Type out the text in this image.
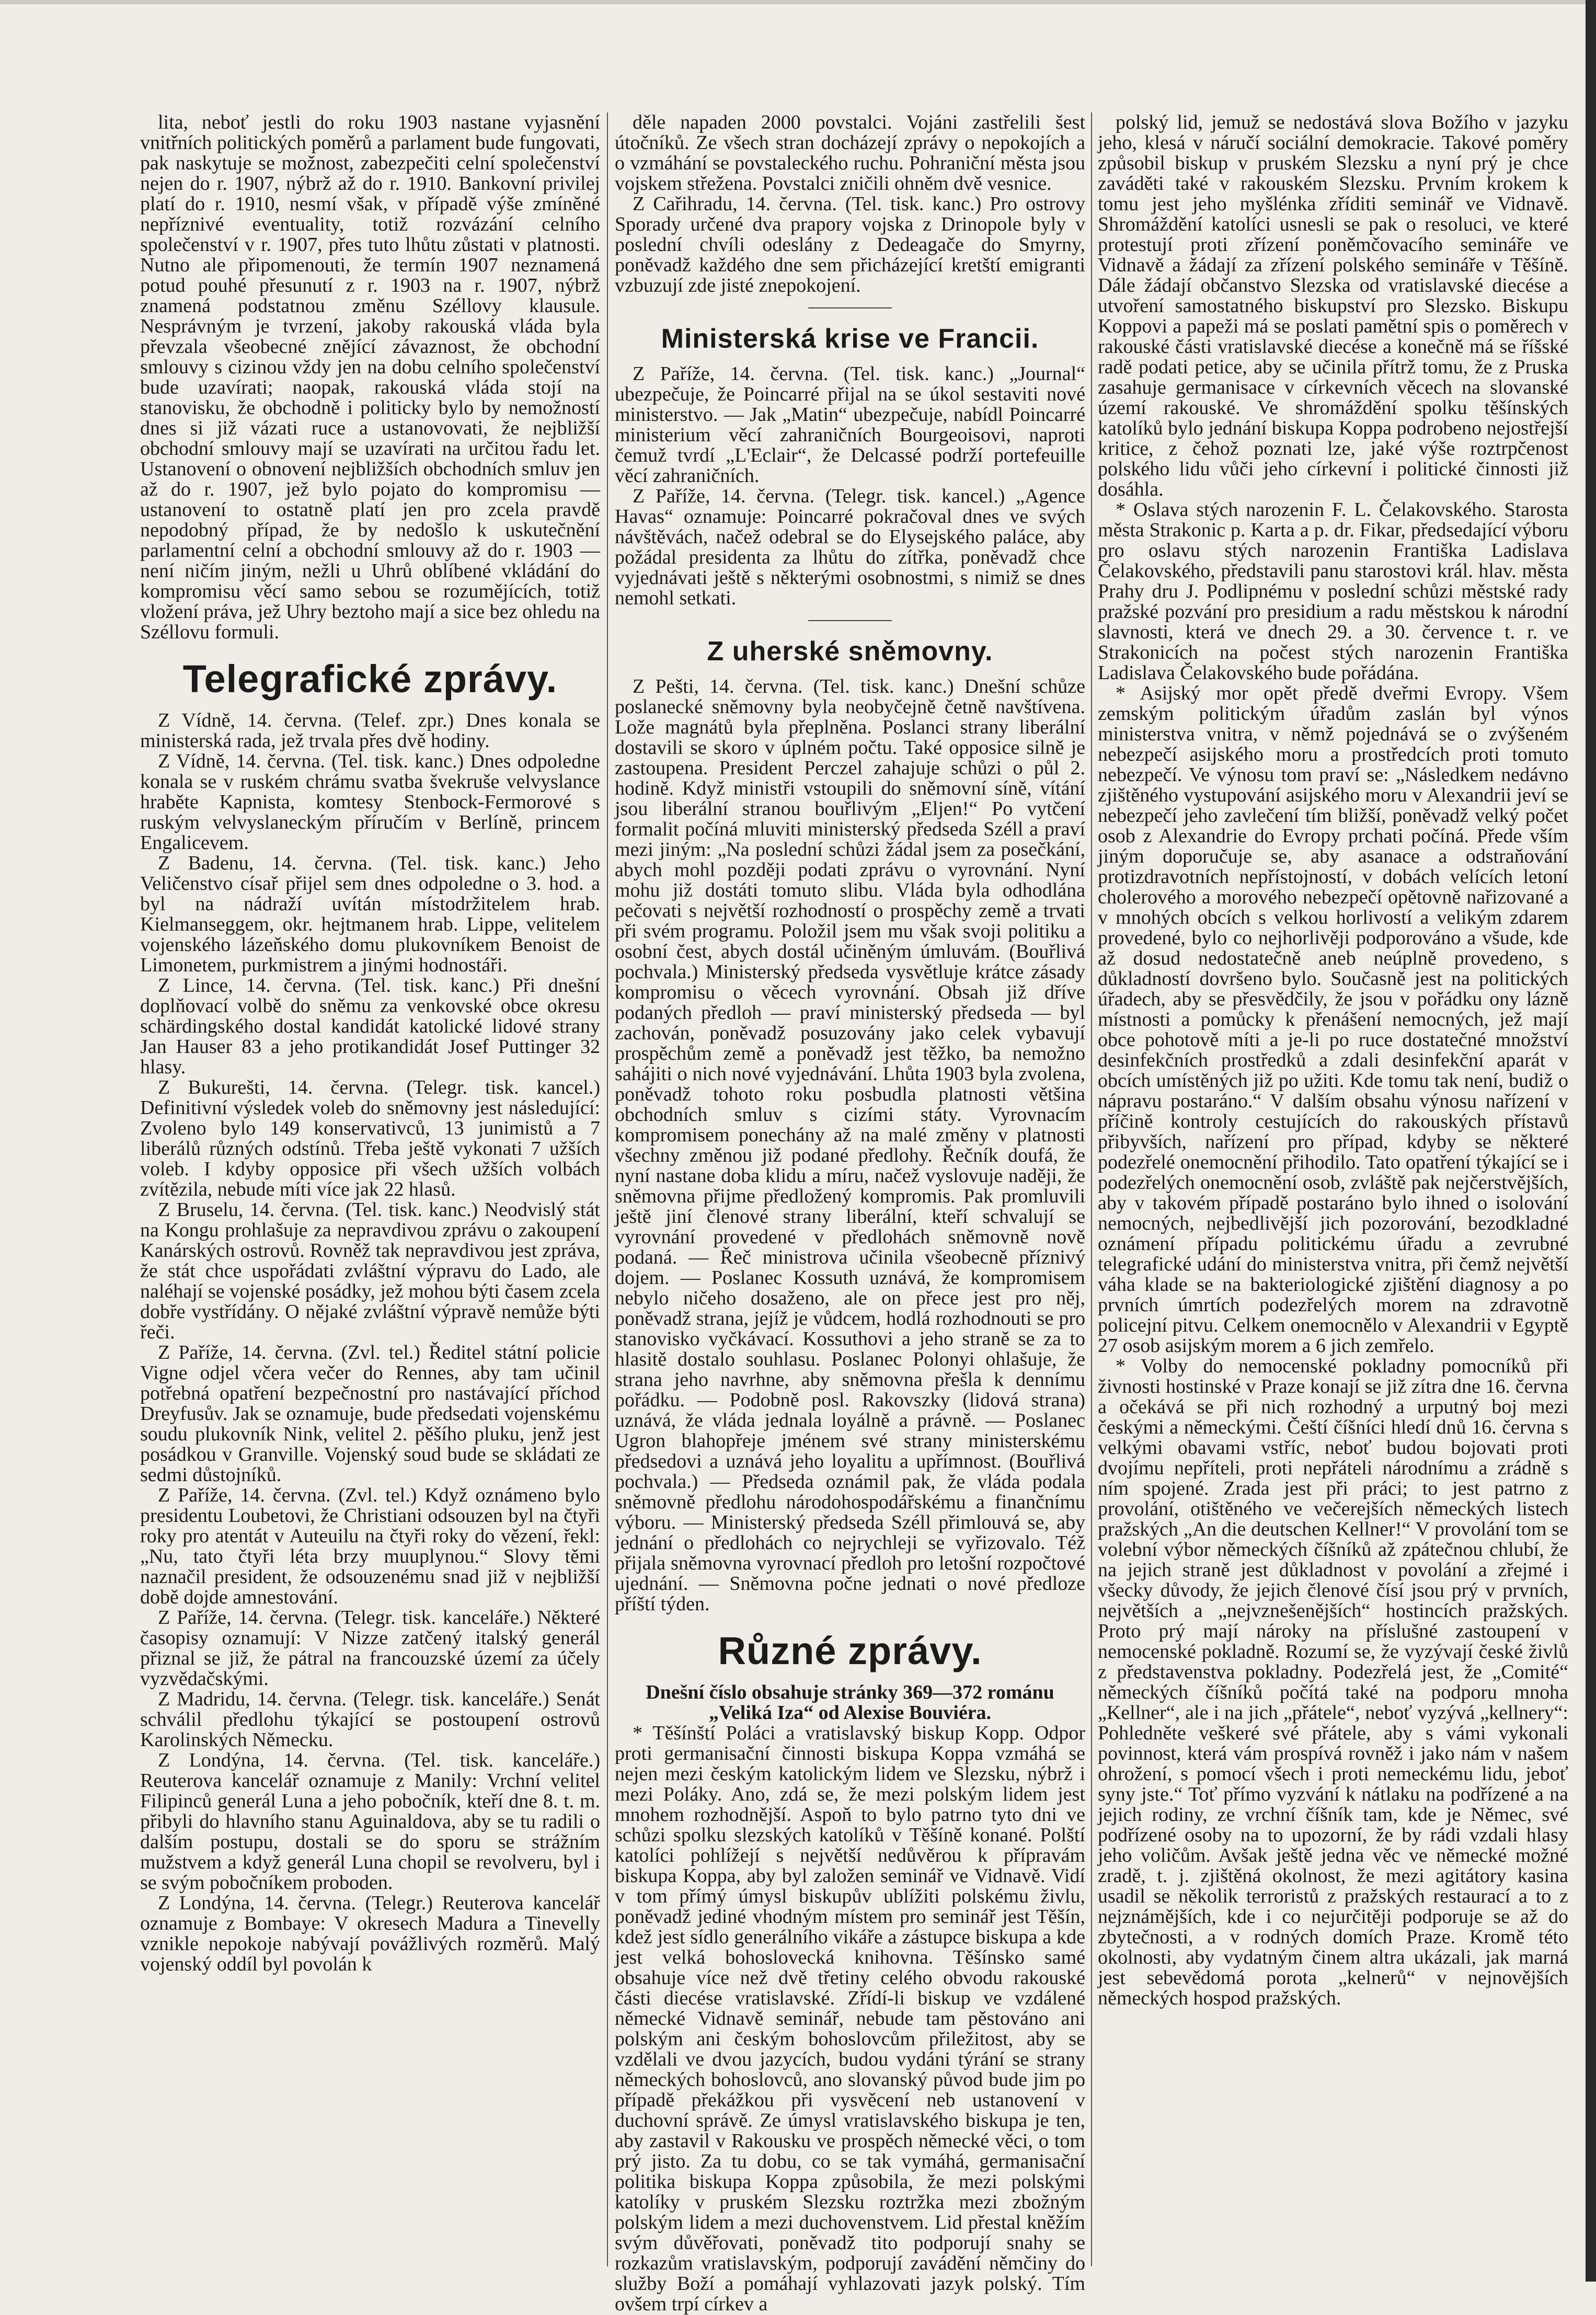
lita, neboť jestli do roku 1903 nastane vyjasnění vnitřních politických poměrů a parlament bude fungovati, pak naskytuje se možnost, zabezpečiti celní společenství nejen do r. 1907, nýbrž až do r. 1910. Bankovní privilej platí do r. 1910, nesmí však, v případě výše zmíněné nepříznivé eventuality, totiž rozvázání celního společenství v r. 1907, přes tuto lhůtu zůstati v platnosti. Nutno ale připomenouti, že termín 1907 neznamená potud pouhé přesunutí z r. 1903 na r. 1907, nýbrž znamená podstatnou změnu Széllovy klausule. Nesprávným je tvrzení, jakoby rakouská vláda byla převzala všeobecné znějící závaznost, že obchodní smlouvy s cizinou vždy jen na dobu celního společenství bude uzavírati; naopak, rakouská vláda stojí na stanovisku, že obchodně i politicky bylo by nemožností dnes si již vázati ruce a ustanovovati, že nejbližší obchodní smlouvy mají se uzavírati na určitou řadu let. Ustanovení o obnovení nejbližších obchodních smluv jen až do r. 1907, jež bylo pojato do kompromisu — ustanovení to ostatně platí jen pro zcela pravdě nepodobný případ, že by nedošlo k uskutečnění parlamentní celní a obchodní smlouvy až do r. 1903 — není ničím jiným, nežli u Uhrů oblíbené vkládání do kompromisu věcí samo sebou se rozumějících, totiž vložení práva, jež Uhry beztoho mají a sice bez ohledu na Széllovu formuli.

Telegrafické zprávy.

Z Vídně, 14. června. (Telef. zpr.) Dnes konala se ministerská rada, jež trvala přes dvě hodiny.

Z Vídně, 14. června. (Tel. tisk. kanc.) Dnes odpoledne konala se v ruském chrámu svatba švekruše velvyslance hraběte Kapnista, komtesy Stenbock-Fermorové s ruským velvyslaneckým příručím v Berlíně, princem Engalicevem.

Z Badenu, 14. června. (Tel. tisk. kanc.) Jeho Veličenstvo císař přijel sem dnes odpoledne o 3. hod. a byl na nádraží uvítán místodržitelem hrab. Kielmanseggem, okr. hejtmanem hrab. Lippe, velitelem vojenského lázeňského domu plukovníkem Benoist de Limonetem, purkmistrem a jinými hodnostáři.

Z Lince, 14. června. (Tel. tisk. kanc.) Při dnešní doplňovací volbě do sněmu za venkovské obce okresu schärdingského dostal kandidát katolické lidové strany Jan Hauser 83 a jeho protikandidát Josef Puttinger 32 hlasy.

Z Bukurešti, 14. června. (Telegr. tisk. kancel.) Definitivní výsledek voleb do sněmovny jest následující: Zvoleno bylo 149 konservativců, 13 junimistů a 7 liberálů různých odstínů. Třeba ještě vykonati 7 užších voleb. I kdyby opposice při všech užších volbách zvítězila, nebude míti více jak 22 hlasů.

Z Bruselu, 14. června. (Tel. tisk. kanc.) Neodvislý stát na Kongu prohlašuje za nepravdivou zprávu o zakoupení Kanárských ostrovů. Rovněž tak nepravdivou jest zpráva, že stát chce uspořádati zvláštní výpravu do Lado, ale naléhají se vojenské posádky, jež mohou býti časem zcela dobře vystřídány. O nějaké zvláštní výpravě nemůže býti řeči.

Z Paříže, 14. června. (Zvl. tel.) Ředitel státní policie Vigne odjel včera večer do Rennes, aby tam učinil potřebná opatření bezpečnostní pro nastávající příchod Dreyfusův. Jak se oznamuje, bude předsedati vojenskému soudu plukovník Nink, velitel 2. pěšího pluku, jenž jest posádkou v Granville. Vojenský soud bude se skládati ze sedmi důstojníků.

Z Paříže, 14. června. (Zvl. tel.) Když oznámeno bylo presidentu Loubetovi, že Christiani odsouzen byl na čtyři roky pro atentát v Auteuilu na čtyři roky do vězení, řekl: „Nu, tato čtyři léta brzy muuplynou.“ Slovy těmi naznačil president, že odsouzenému snad již v nejbližší době dojde amnestování.

Z Paříže, 14. června. (Telegr. tisk. kanceláře.) Některé časopisy oznamují: V Nizze zatčený italský generál přiznal se již, že pátral na francouzské území za účely vyzvědačskými.

Z Madridu, 14. června. (Telegr. tisk. kanceláře.) Senát schválil předlohu týkající se postoupení ostrovů Karolinských Německu.

Z Londýna, 14. června. (Tel. tisk. kanceláře.) Reuterova kancelář oznamuje z Manily: Vrchní velitel Filipinců generál Luna a jeho pobočník, kteří dne 8. t. m. přibyli do hlavního stanu Aguinaldova, aby se tu radili o dalším postupu, dostali se do sporu se strážním mužstvem a když generál Luna chopil se revolveru, byl i se svým pobočníkem proboden.

Z Londýna, 14. června. (Telegr.) Reuterova kancelář oznamuje z Bombaye: V okresech Madura a Tinevelly vznikle nepokoje nabývají povážlivých rozměrů. Malý vojenský oddíl byl povolán k

děle napaden 2000 povstalci. Vojáni zastřelili šest útočníků. Ze všech stran docházejí zprávy o nepokojích a o vzmáhání se povstaleckého ruchu. Pohraniční města jsou vojskem střežena. Povstalci zničili ohněm dvě vesnice.

Z Cařihradu, 14. června. (Tel. tisk. kanc.) Pro ostrovy Sporady určené dva prapory vojska z Drinopole byly v poslední chvíli odeslány z Dedeagače do Smyrny, poněvadž každého dne sem přicházející kretští emigranti vzbuzují zde jisté znepokojení.

Ministerská krise ve Francii.

Z Paříže, 14. června. (Tel. tisk. kanc.) „Journal“ ubezpečuje, že Poincarré přijal na se úkol sestaviti nové ministerstvo. — Jak „Matin“ ubezpečuje, nabídl Poincarré ministerium věcí zahraničních Bourgeoisovi, naproti čemuž tvrdí „L'Eclair“, že Delcassé podrží portefeuille věcí zahraničních.

Z Paříže, 14. června. (Telegr. tisk. kancel.) „Agence Havas“ oznamuje: Poincarré pokračoval dnes ve svých návštěvách, načež odebral se do Elysejského paláce, aby požádal presidenta za lhůtu do zítřka, poněvadž chce vyjednávati ještě s některými osobnostmi, s nimiž se dnes nemohl setkati.

Z uherské sněmovny.

Z Pešti, 14. června. (Tel. tisk. kanc.) Dnešní schůze poslanecké sněmovny byla neobyčejně četně navštívena. Lože magnátů byla přeplněna. Poslanci strany liberální dostavili se skoro v úplném počtu. Také opposice silně je zastoupena. President Perczel zahajuje schůzi o půl 2. hodině. Když ministři vstoupili do sněmovní síně, vítání jsou liberální stranou bouřlivým „Eljen!“ Po vytčení formalit počíná mluviti ministerský předseda Széll a praví mezi jiným: „Na poslední schůzi žádal jsem za posečkání, abych mohl později podati zprávu o vyrovnání. Nyní mohu již dostáti tomuto slibu. Vláda byla odhodlána pečovati s největší rozhodností o prospěchy země a trvati při svém programu. Položil jsem mu však svoji politiku a osobní čest, abych dostál učiněným úmluvám. (Bouřlivá pochvala.) Ministerský předseda vysvětluje krátce zásady kompromisu o věcech vyrovnání. Obsah již dříve podaných předloh — praví ministerský předseda — byl zachován, poněvadž posuzovány jako celek vybavují prospěchům země a poněvadž jest těžko, ba nemožno sahájiti o nich nové vyjednávání. Lhůta 1903 byla zvolena, poněvadž tohoto roku posbudla platnosti většina obchodních smluv s cizími státy. Vyrovnacím kompromisem ponechány až na malé změny v platnosti všechny změnou již podané předlohy. Řečník doufá, že nyní nastane doba klidu a míru, načež vyslovuje naději, že sněmovna přijme předložený kompromis. Pak promluvili ještě jiní členové strany liberální, kteří schvalují se vyrovnání provedené v předlohách sněmovně nově podaná. — Řeč ministrova učinila všeobecně příznivý dojem. — Poslanec Kossuth uznává, že kompromisem nebylo ničeho dosaženo, ale on přece jest pro něj, poněvadž strana, jejíž je vůdcem, hodlá rozhodnouti se pro stanovisko vyčkávací. Kossuthovi a jeho straně se za to hlasitě dostalo souhlasu. Poslanec Polonyi ohlašuje, že strana jeho navrhne, aby sněmovna přešla k dennímu pořádku. — Podobně posl. Rakovszky (lidová strana) uznává, že vláda jednala loyálně a právně. — Poslanec Ugron blahopřeje jménem své strany ministerskému předsedovi a uznává jeho loyalitu a upřímnost. (Bouřlivá pochvala.) — Předseda oznámil pak, že vláda podala sněmovně předlohu národohospodářskému a finančnímu výboru. — Ministerský předseda Széll přimlouvá se, aby jednání o předlohách co nejrychleji se vyřizovalo. Též přijala sněmovna vyrovnací předloh pro letošní rozpočtové ujednání. — Sněmovna počne jednati o nové předloze příští týden.

Různé zprávy.

Dnešní číslo obsahuje stránky 369—372 románu „Veliká Iza“ od Alexise Bouviéra.

* Těšínští Poláci a vratislavský biskup Kopp. Odpor proti germanisační činnosti biskupa Koppa vzmáhá se nejen mezi českým katolickým lidem ve Slezsku, nýbrž i mezi Poláky. Ano, zdá se, že mezi polským lidem jest mnohem rozhodnější. Aspoň to bylo patrno tyto dni ve schůzi spolku slezských katolíků v Těšíně konané. Polští katolíci pohlížejí s největší nedůvěrou k přípravám biskupa Koppa, aby byl založen seminář ve Vidnavě. Vidí v tom přímý úmysl biskupův ublížiti polskému živlu, poněvadž jediné vhodným místem pro seminář jest Těšín, kdež jest sídlo generálního vikáře a zástupce biskupa a kde jest velká bohoslovecká knihovna. Těšínsko samé obsahuje více než dvě třetiny celého obvodu rakouské části diecése vratislavské. Zřídí-li biskup ve vzdálené německé Vidnavě seminář, nebude tam pěstováno ani polským ani českým bohoslovcům přiležitost, aby se vzdělali ve dvou jazycích, budou vydáni týrání se strany německých bohoslovců, ano slovanský původ bude jim po případě překážkou při vysvěcení neb ustanovení v duchovní správě. Ze úmysl vratislavského biskupa je ten, aby zastavil v Rakousku ve prospěch německé věci, o tom prý jisto. Za tu dobu, co se tak vymáhá, germanisační politika biskupa Koppa způsobila, že mezi polskými katolíky v pruském Slezsku roztržka mezi zbožným polským lidem a mezi duchovenstvem. Lid přestal kněžím svým důvěřovati, poněvadž tito podporují snahy se rozkazům vratislavským, podporují zavádění němčiny do služby Boží a pomáhají vyhlazovati jazyk polský. Tím ovšem trpí církev a

polský lid, jemuž se nedostává slova Božího v jazyku jeho, klesá v náručí sociální demokracie. Takové poměry způsobil biskup v pruském Slezsku a nyní prý je chce zaváděti také v rakouském Slezsku. Prvním krokem k tomu jest jeho myšlénka zříditi seminář ve Vidnavě. Shromáždění katolíci usnesli se pak o resoluci, ve které protestují proti zřízení poněmčovacího semináře ve Vidnavě a žádají za zřízení polského semináře v Těšíně. Dále žádají občanstvo Slezska od vratislavské diecése a utvoření samostatného biskupství pro Slezsko. Biskupu Koppovi a papeži má se poslati pamětní spis o poměrech v rakouské části vratislavské diecése a konečně má se říšské radě podati petice, aby se učinila přítrž tomu, že z Pruska zasahuje germanisace v církevních věcech na slovanské území rakouské. Ve shromáždění spolku těšínských katolíků bylo jednání biskupa Koppa podrobeno nejostřejší kritice, z čehož poznati lze, jaké výše roztrpčenost polského lidu vůči jeho církevní i politické činnosti již dosáhla.

* Oslava stých narozenin F. L. Čelakovského. Starosta města Strakonic p. Karta a p. dr. Fikar, předsedající výboru pro oslavu stých narozenin Františka Ladislava Čelakovského, představili panu starostovi král. hlav. města Prahy dru J. Podlipnému v poslední schůzi městské rady pražské pozvání pro presidium a radu městskou k národní slavnosti, která ve dnech 29. a 30. července t. r. ve Strakonicích na počest stých narozenin Františka Ladislava Čelakovského bude pořádána.

* Asijský mor opět předě dveřmi Evropy. Všem zemským politickým úřadům zaslán byl výnos ministerstva vnitra, v němž pojednává se o zvýšeném nebezpečí asijského moru a prostředcích proti tomuto nebezpečí. Ve výnosu tom praví se: „Následkem nedávno zjištěného vystupování asijského moru v Alexandrii jeví se nebezpečí jeho zavlečení tím bližší, poněvadž velký počet osob z Alexandrie do Evropy prchati počíná. Přede vším jiným doporučuje se, aby asanace a odstraňování protizdravotních nepřístojností, v dobách velících letoní cholerového a morového nebezpečí opětovně nařizované a v mnohých obcích s velkou horlivostí a velikým zdarem provedené, bylo co nejhorlivěji podporováno a všude, kde až dosud nedostatečně aneb neúplně provedeno, s důkladností dovršeno bylo. Současně jest na politických úřadech, aby se přesvědčily, že jsou v pořádku ony lázně místnosti a pomůcky k přenášení nemocných, jež mají obce pohotově míti a je-li po ruce dostatečné množství desinfekčních prostředků a zdali desinfekční aparát v obcích umístěných již po užiti. Kde tomu tak není, budiž o nápravu postaráno.“ V dalším obsahu výnosu nařízení v příčině kontroly cestujících do rakouských přístavů přibyvších, nařízení pro případ, kdyby se některé podezřelé onemocnění přihodilo. Tato opatření týkající se i podezřelých onemocnění osob, zvláště pak nejčerstvějších, aby v takovém případě postaráno bylo ihned o isolování nemocných, nejbedlivější jich pozorování, bezodkladné oznámení případu politickému úřadu a zevrubné telegrafické udání do ministerstva vnitra, při čemž největší váha klade se na bakteriologické zjištění diagnosy a po prvních úmrtích podezřelých morem na zdravotně policejní pitvu. Celkem onemocnělo v Alexandrii v Egyptě 27 osob asijským morem a 6 jich zemřelo.

* Volby do nemocenské pokladny pomocníků při živnosti hostinské v Praze konají se již zítra dne 16. června a očekává se při nich rozhodný a urputný boj mezi českými a německými. Čeští číšníci hledí dnů 16. června s velkými obavami vstříc, neboť budou bojovati proti dvojímu nepříteli, proti nepřáteli národnímu a zrádně s ním spojené. Zrada jest při práci; to jest patrno z provolání, otištěného ve večerejších německých listech pražských „An die deutschen Kellner!“ V provolání tom se volební výbor německých číšníků až zpátečnou chlubí, že na jejich straně jest důkladnost v povolání a zřejmé i všecky důvody, že jejich členové čísí jsou prý v prvních, největších a „nejvznešenějších“ hostincích pražských. Proto prý mají nároky na příslušné zastoupení v nemocenské pokladně. Rozumí se, že vyzývají české živlů z představenstva pokladny. Podezřelá jest, že „Comité“ německých číšníků počítá také na podporu mnoha „Kellner“, ale i na jich „přátele“, neboť vyzývá „kellnery“: Pohledněte veškeré své přátele, aby s vámi vykonali povinnost, která vám prospívá rovněž i jako nám v našem ohrožení, s pomocí všech i proti nemeckému lidu, jeboť syny jste.“ Toť přímo vyzvání k nátlaku na podřízené a na jejich rodiny, ze vrchní číšník tam, kde je Němec, své podřízené osoby na to upozorní, že by rádi vzdali hlasy jeho voličům. Avšak ještě jedna věc ve německé možné zradě, t. j. zjištěná okolnost, že mezi agitátory kasina usadil se několik terroristů z pražských restaurací a to z nejznámějších, kde i co nejurčitěji podporuje se až do zbytečnosti, a v rodných domích Praze. Kromě této okolnosti, aby vydatným činem altra ukázali, jak marná jest sebevědomá porota „kelnerů“ v nejnovějších německých hospod pražských.
